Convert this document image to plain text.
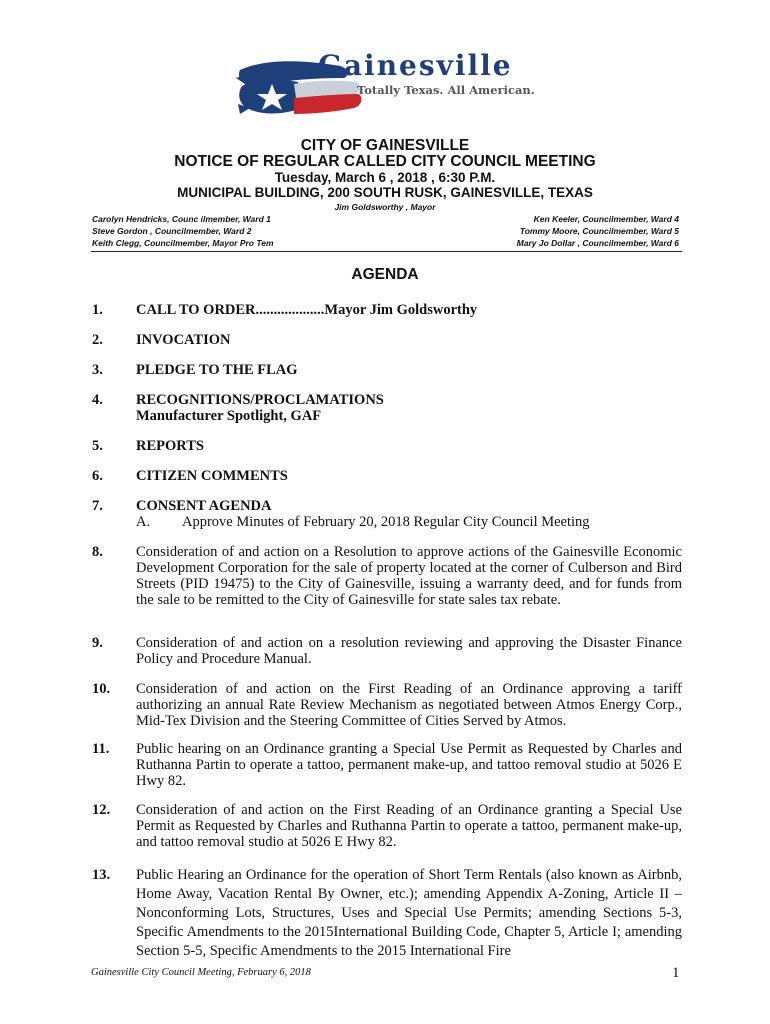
Gainesville
Totally Texas. All American.
CITY OF GAINESVILLE
NOTICE OF REGULAR CALLED CITY COUNCIL MEETING
Tuesday, March 6 , 2018 , 6:30 P.M.
MUNICIPAL BUILDING, 200 SOUTH RUSK, GAINESVILLE, TEXAS
Jim Goldsworthy , Mayor
Carolyn Hendricks, Counc ilmember, Ward 1
Steve Gordon , Councilmember, Ward 2
Keith Clegg, Councilmember, Mayor Pro Tem
Ken Keeler, Councilmember, Ward 4
Tommy Moore, Councilmember, Ward 5
Mary Jo Dollar , Councilmember, Ward 6
AGENDA
1. CALL TO ORDER...................Mayor Jim Goldsworthy
2. INVOCATION
3. PLEDGE TO THE FLAG
4. RECOGNITIONS/PROCLAMATIONS
Manufacturer Spotlight, GAF
5. REPORTS
6. CITIZEN COMMENTS
7. CONSENT AGENDA
A.	Approve Minutes of February 20, 2018 Regular City Council Meeting
8. Consideration of and action on a Resolution to approve actions of the Gainesville Economic Development Corporation for the sale of property located at the corner of Culberson and Bird Streets (PID 19475) to the City of Gainesville, issuing a warranty deed, and for funds from the sale to be remitted to the City of Gainesville for state sales tax rebate.
9. Consideration of and action on a resolution reviewing and approving the Disaster Finance Policy and Procedure Manual.
10. Consideration of and action on the First Reading of an Ordinance approving a tariff authorizing an annual Rate Review Mechanism as negotiated between Atmos Energy Corp., Mid-Tex Division and the Steering Committee of Cities Served by Atmos.
11. Public hearing on an Ordinance granting a Special Use Permit as Requested by Charles and Ruthanna Partin to operate a tattoo, permanent make-up, and tattoo removal studio at 5026 E Hwy 82.
12. Consideration of and action on the First Reading of an Ordinance granting a Special Use Permit as Requested by Charles and Ruthanna Partin to operate a tattoo, permanent make-up, and tattoo removal studio at 5026 E Hwy 82.
13. Public Hearing an Ordinance for the operation of Short Term Rentals (also known as Airbnb, Home Away, Vacation Rental By Owner, etc.); amending Appendix A-Zoning, Article II – Nonconforming Lots, Structures, Uses and Special Use Permits; amending Sections 5-3, Specific Amendments to the 2015International Building Code, Chapter 5, Article I; amending Section 5-5, Specific Amendments to the 2015 International Fire
Gainesville City Council Meeting, February 6, 2018	1
